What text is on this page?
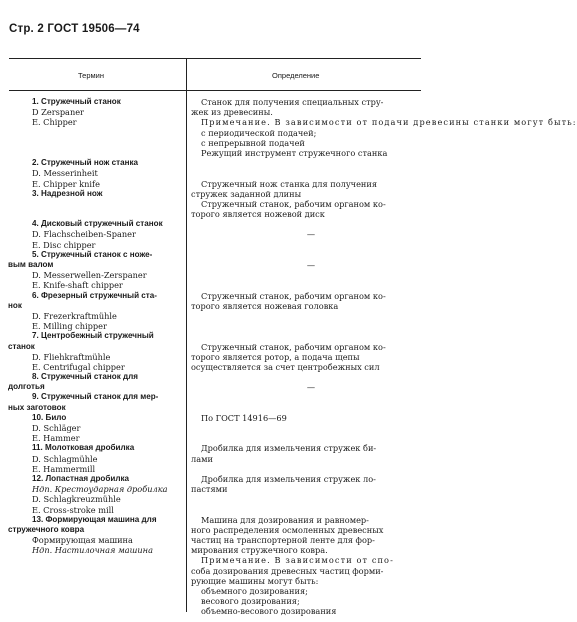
Стр. 2 ГОСТ 19506—74
Термин	Определение
1. Стружечный станок
D Zerspaner
E. Chipper
2. Стружечный нож станка
D. Messerinheit
E. Chipper knife
3. Надрезной нож
4. Дисковый стружечный станок
D. Flachscheiben-Spaner
E. Disc chipper
5. Стружечный станок с ноже-
вым валом
D. Messerwellen-Zerspaner
E. Knife-shaft chipper
6. Фрезерный стружечный ста-
нок
D. Frezerkraftmühle
E. Milling chipper
7. Центробежный стружечный
станок
D. Fliehkraftmühle
E. Centrifugal chipper
8. Стружечный станок для
долготья
9. Стружечный станок для мер-
ных заготовок
10. Било
D. Schläger
E. Hammer
11. Молотковая дробилка
D. Schlagmühle
E. Hammermill
12. Лопастная дробилка
Ндп. Крестоударная дробилка
D. Schlagkreuzmühle
E. Cross-stroke mill
13. Формирующая машина для
стружечного ковра
Формирующая машина
Ндп. Настилочная машина
Станок для получения специальных стру-
жек из древесины.
Примечание. В зависимости от подачи древесины станки могут быть:
с периодической подачей;
с непрерывной подачей
Режущий инструмент стружечного станка
Стружечный нож станка для получения
стружек заданной длины
Стружечный станок, рабочим органом ко-
торого является ножевой диск
—
—
Стружечный станок, рабочим органом ко-
торого является ножевая головка
Стружечный станок, рабочим органом ко-
торого является ротор, а подача щепы
осуществляется за счет центробежных сил
—
По ГОСТ 14916—69
Дробилка для измельчения стружек би-
лами
Дробилка для измельчения стружек ло-
пастями
Машина для дозирования и равномер-
ного распределения осмоленных древесных
частиц на транспортерной ленте для фор-
мирования стружечного ковра.
Примечание. В зависимости от спо-
соба дозирования древесных частиц форми-
рующие машины могут быть:
объемного дозирования;
весового дозирования;
объемно-весового дозирования
